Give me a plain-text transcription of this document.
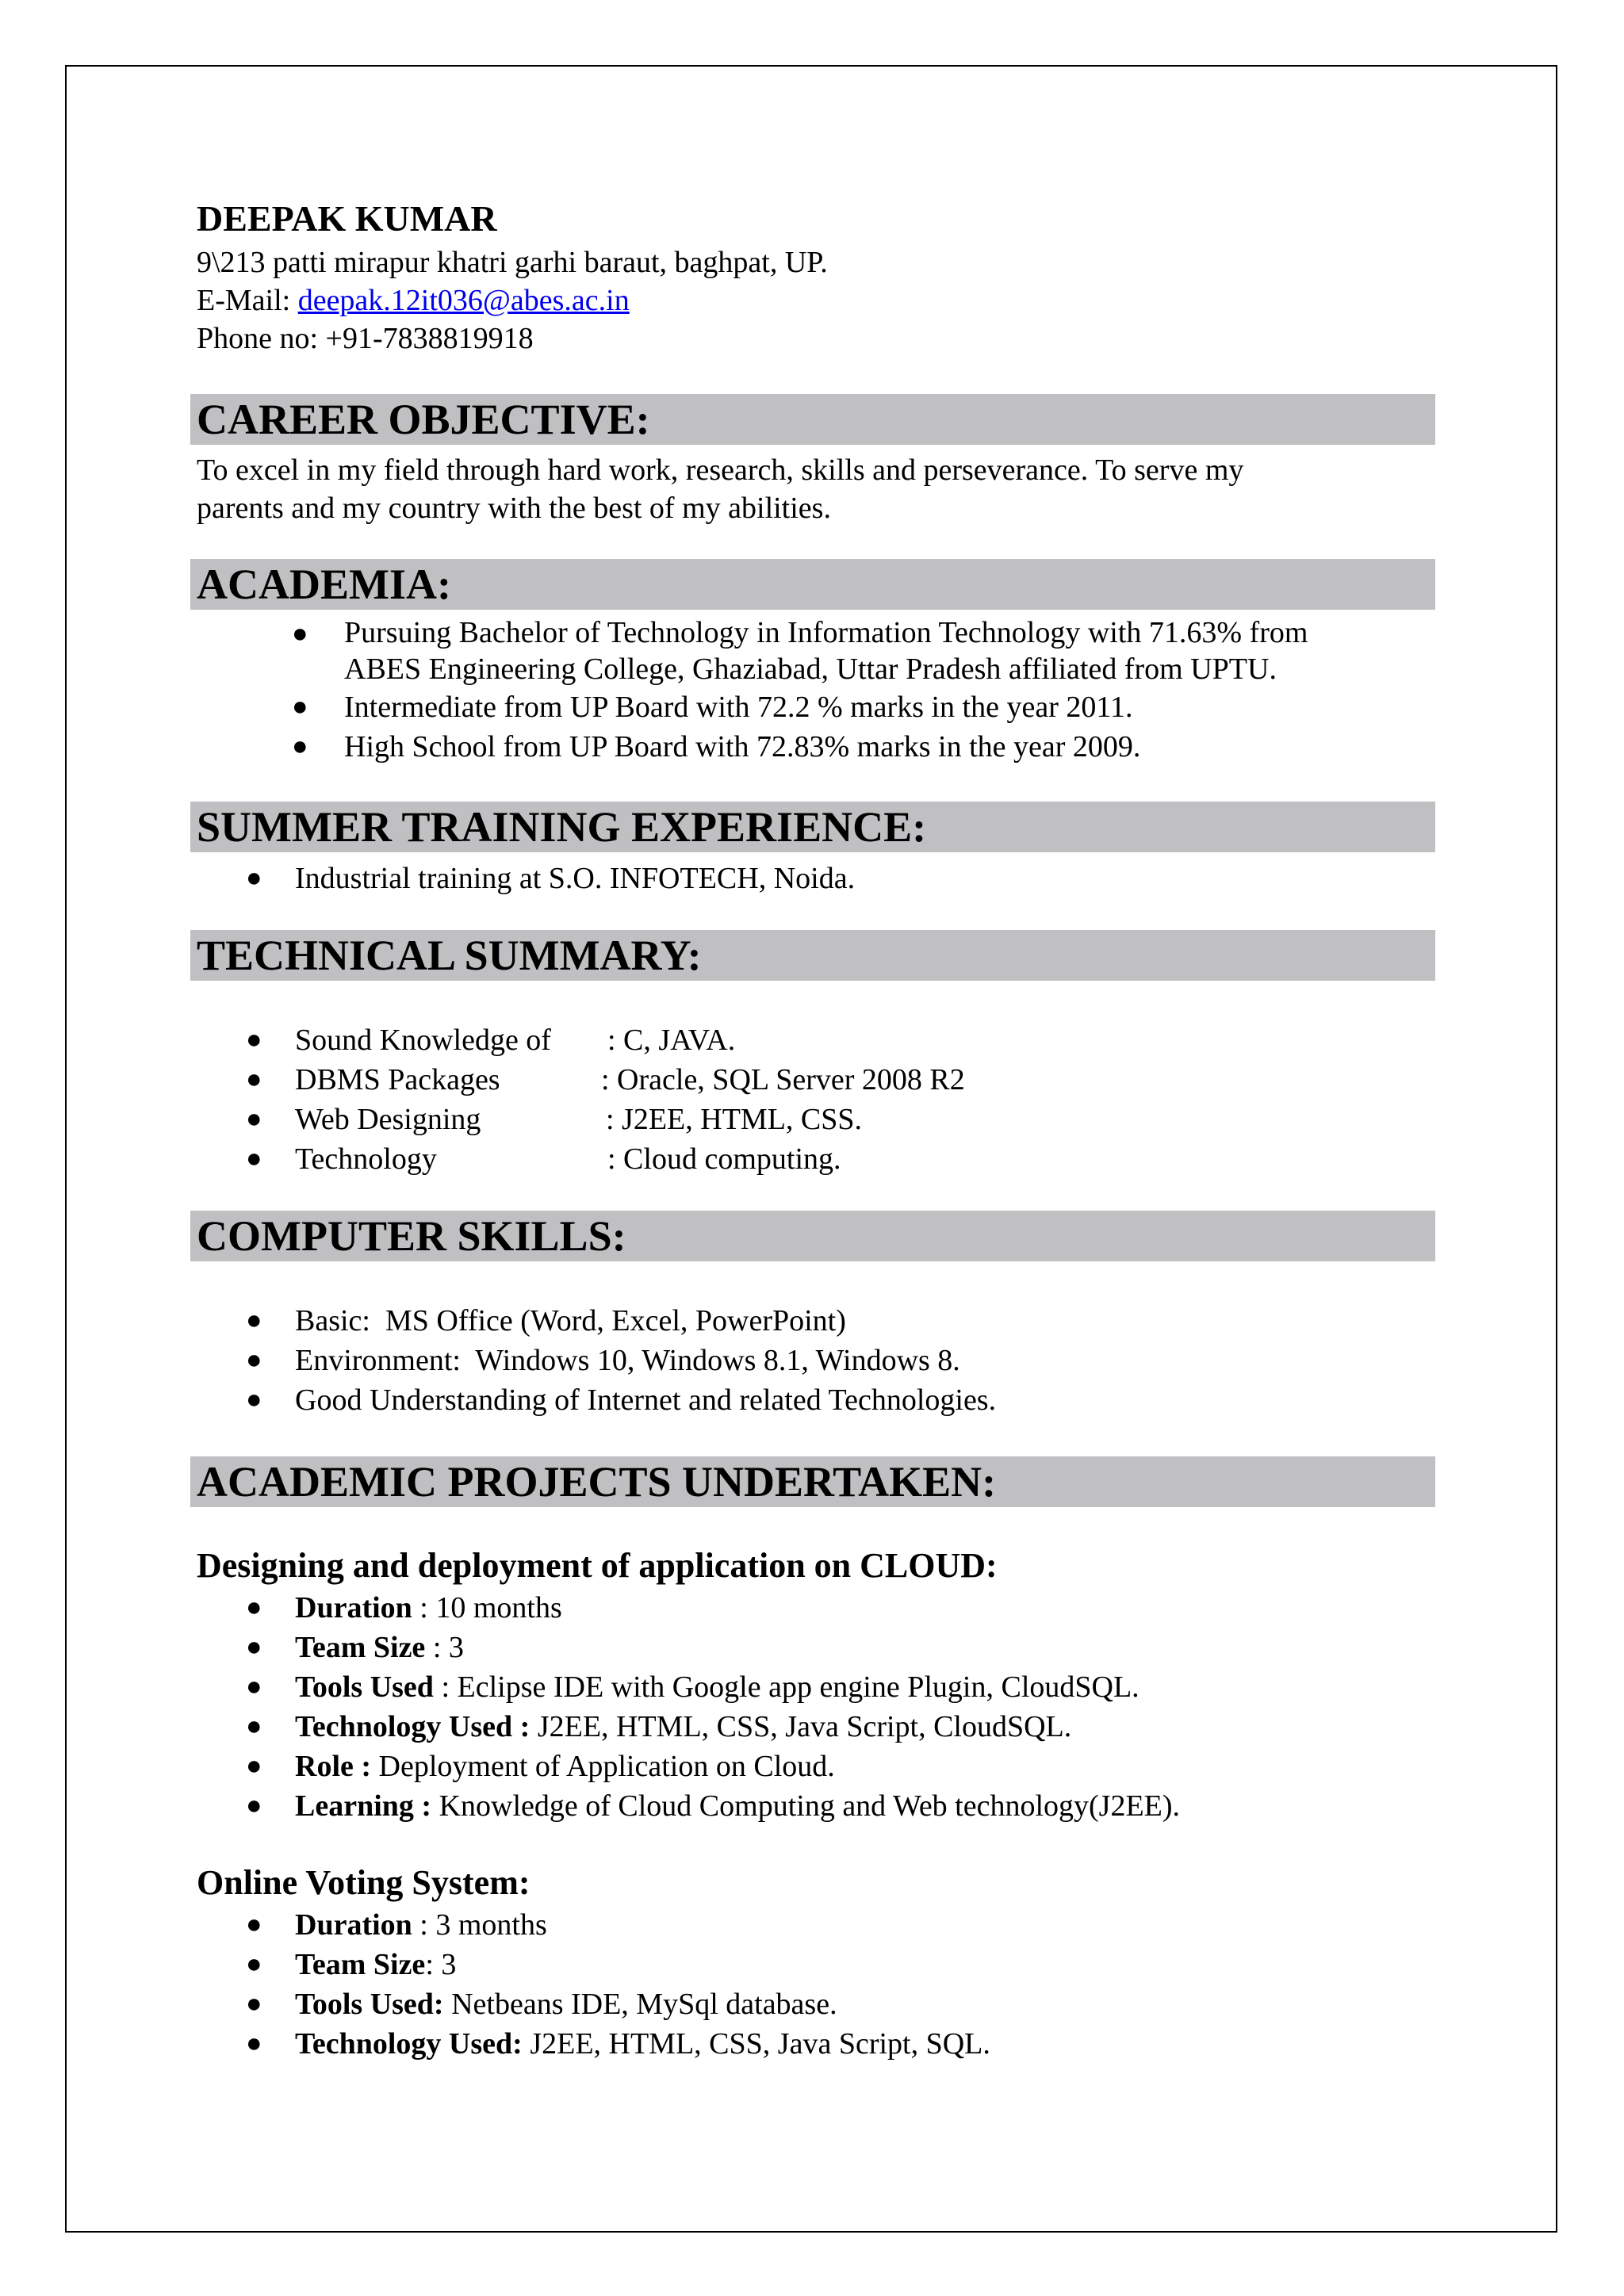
DEEPAK KUMAR
9\213 patti mirapur khatri garhi baraut, baghpat, UP.
E-Mail: deepak.12it036@abes.ac.in
Phone no: +91-7838819918
CAREER OBJECTIVE:
To excel in my field through hard work, research, skills and perseverance. To serve my
parents and my country with the best of my abilities.
ACADEMIA:
● Pursuing Bachelor of Technology in Information Technology with 71.63% from
ABES Engineering College, Ghaziabad, Uttar Pradesh affiliated from UPTU.
● Intermediate from UP Board with 72.2 % marks in the year 2011.
● High School from UP Board with 72.83% marks in the year 2009.
SUMMER TRAINING EXPERIENCE:
● Industrial training at S.O. INFOTECH, Noida.
TECHNICAL SUMMARY:
● Sound Knowledge of : C, JAVA.
● DBMS Packages	: Oracle, SQL Server 2008 R2
● Web Designing	: J2EE, HTML, CSS.
● Technology	: Cloud computing.
COMPUTER SKILLS:
● Basic:  MS Office (Word, Excel, PowerPoint)
● Environment:  Windows 10, Windows 8.1, Windows 8.
● Good Understanding of Internet and related Technologies.
ACADEMIC PROJECTS UNDERTAKEN:
Designing and deployment of application on CLOUD:
● Duration : 10 months
● Team Size : 3
● Tools Used : Eclipse IDE with Google app engine Plugin, CloudSQL.
● Technology Used : J2EE, HTML, CSS, Java Script, CloudSQL.
● Role : Deployment of Application on Cloud.
● Learning : Knowledge of Cloud Computing and Web technology(J2EE).
Online Voting System:
● Duration : 3 months
● Team Size: 3
● Tools Used: Netbeans IDE, MySql database.
● Technology Used: J2EE, HTML, CSS, Java Script, SQL.
